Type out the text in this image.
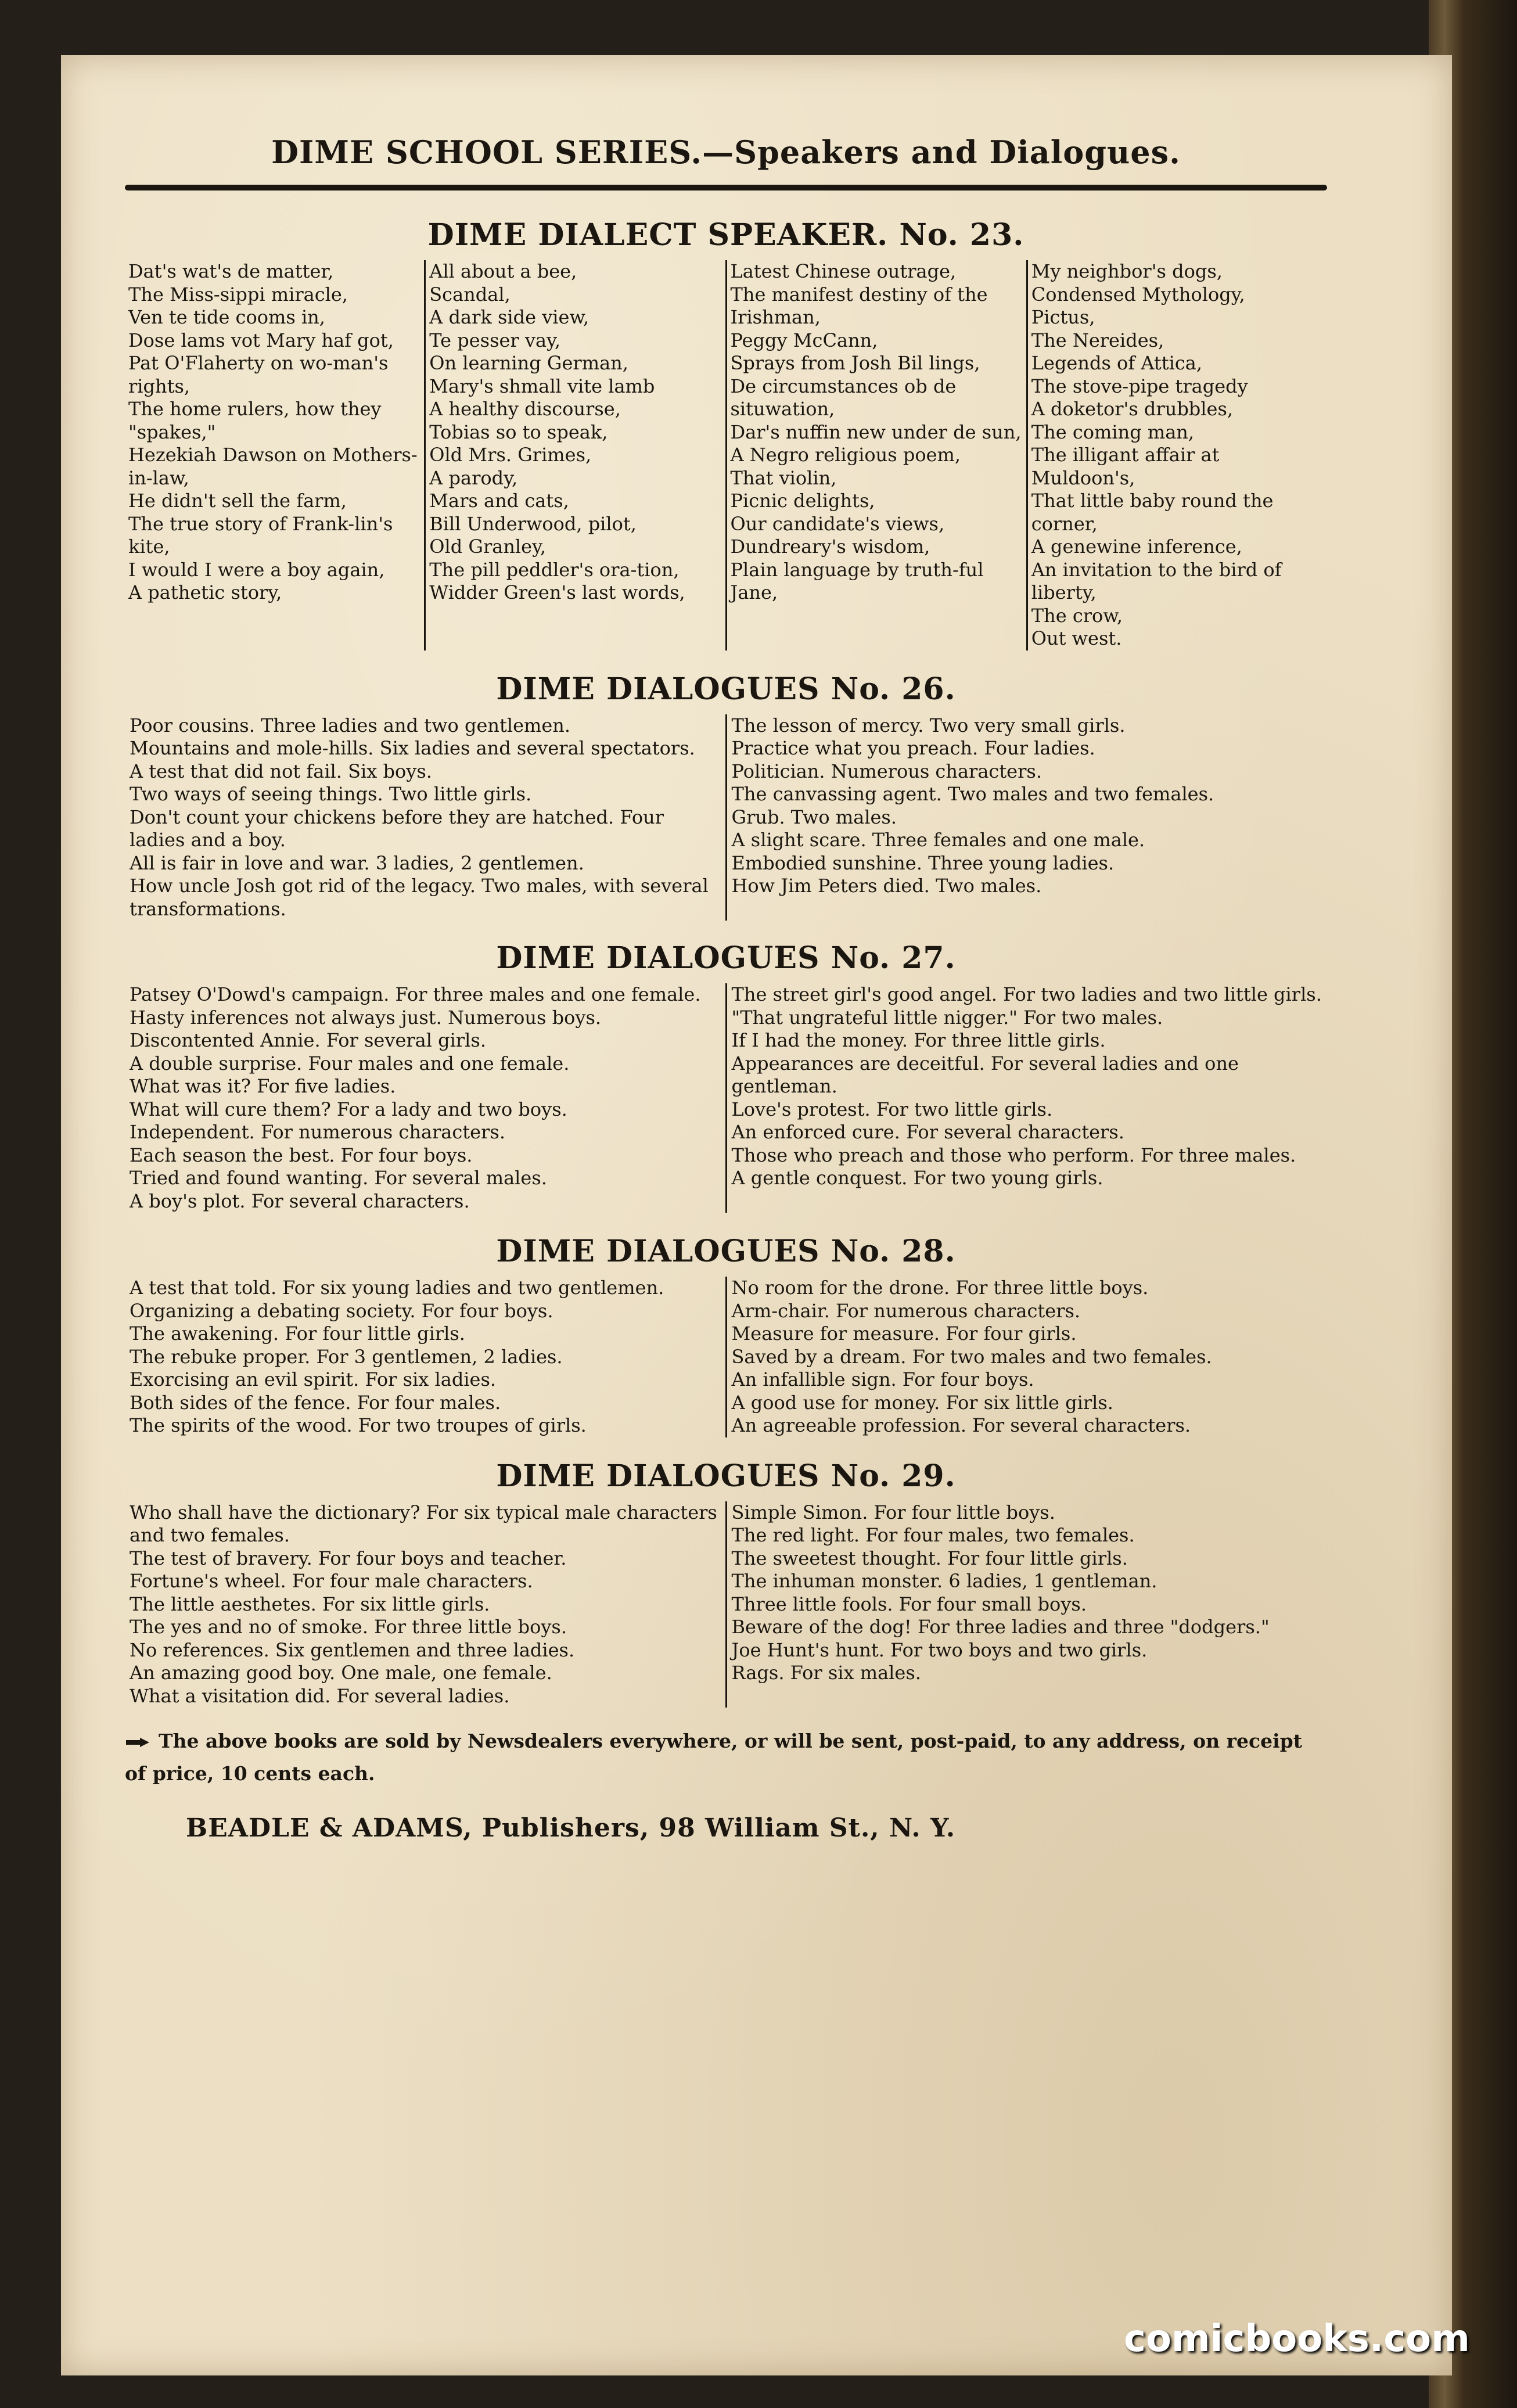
DIME SCHOOL SERIES.—Speakers and Dialogues.
DIME DIALECT SPEAKER. No. 23.
Dat's wat's de matter,
The Miss-sippi miracle,
Ven te tide cooms in,
Dose lams vot Mary haf got,
Pat O'Flaherty on wo-man's rights,
The home rulers, how they "spakes,"
Hezekiah Dawson on Mothers-in-law,
He didn't sell the farm,
The true story of Frank-lin's kite,
I would I were a boy again,
A pathetic story,
All about a bee,
Scandal,
A dark side view,
Te pesser vay,
On learning German,
Mary's shmall vite lamb
A healthy discourse,
Tobias so to speak,
Old Mrs. Grimes,
A parody,
Mars and cats,
Bill Underwood, pilot,
Old Granley,
The pill peddler's ora-tion,
Widder Green's last words,
Latest Chinese outrage,
The manifest destiny of the Irishman,
Peggy McCann,
Sprays from Josh Bil lings,
De circumstances ob de situwation,
Dar's nuffin new under de sun,
A Negro religious poem,
That violin,
Picnic delights,
Our candidate's views,
Dundreary's wisdom,
Plain language by truth-ful Jane,
My neighbor's dogs,
Condensed Mythology,
Pictus,
The Nereides,
Legends of Attica,
The stove-pipe tragedy
A doketor's drubbles,
The coming man,
The illigant affair at Muldoon's,
That little baby round the corner,
A genewine inference,
An invitation to the bird of liberty,
The crow,
Out west.
DIME DIALOGUES No. 26.
Poor cousins. Three ladies and two gentlemen.
Mountains and mole-hills. Six ladies and several spectators.
A test that did not fail. Six boys.
Two ways of seeing things. Two little girls.
Don't count your chickens before they are hatched. Four ladies and a boy.
All is fair in love and war. 3 ladies, 2 gentlemen.
How uncle Josh got rid of the legacy. Two males, with several transformations.
The lesson of mercy. Two very small girls.
Practice what you preach. Four ladies.
Politician. Numerous characters.
The canvassing agent. Two males and two females.
Grub. Two males.
A slight scare. Three females and one male.
Embodied sunshine. Three young ladies.
How Jim Peters died. Two males.
DIME DIALOGUES No. 27.
Patsey O'Dowd's campaign. For three males and one female.
Hasty inferences not always just. Numerous boys.
Discontented Annie. For several girls.
A double surprise. Four males and one female.
What was it? For five ladies.
What will cure them? For a lady and two boys.
Independent. For numerous characters.
Each season the best. For four boys.
Tried and found wanting. For several males.
A boy's plot. For several characters.
The street girl's good angel. For two ladies and two little girls.
"That ungrateful little nigger." For two males.
If I had the money. For three little girls.
Appearances are deceitful. For several ladies and one gentleman.
Love's protest. For two little girls.
An enforced cure. For several characters.
Those who preach and those who perform. For three males.
A gentle conquest. For two young girls.
DIME DIALOGUES No. 28.
A test that told. For six young ladies and two gentlemen.
Organizing a debating society. For four boys.
The awakening. For four little girls.
The rebuke proper. For 3 gentlemen, 2 ladies.
Exorcising an evil spirit. For six ladies.
Both sides of the fence. For four males.
The spirits of the wood. For two troupes of girls.
No room for the drone. For three little boys.
Arm-chair. For numerous characters.
Measure for measure. For four girls.
Saved by a dream. For two males and two females.
An infallible sign. For four boys.
A good use for money. For six little girls.
An agreeable profession. For several characters.
DIME DIALOGUES No. 29.
Who shall have the dictionary? For six typical male characters and two females.
The test of bravery. For four boys and teacher.
Fortune's wheel. For four male characters.
The little aesthetes. For six little girls.
The yes and no of smoke. For three little boys.
No references. Six gentlemen and three ladies.
An amazing good boy. One male, one female.
What a visitation did. For several ladies.
Simple Simon. For four little boys.
The red light. For four males, two females.
The sweetest thought. For four little girls.
The inhuman monster. 6 ladies, 1 gentleman.
Three little fools. For four small boys.
Beware of the dog! For three ladies and three "dodgers."
Joe Hunt's hunt. For two boys and two girls.
Rags. For six males.
The above books are sold by Newsdealers everywhere, or will be sent, post-paid, to any address, on receipt of price, 10 cents each.
BEADLE & ADAMS, Publishers, 98 William St., N. Y.
comicbooks.com
